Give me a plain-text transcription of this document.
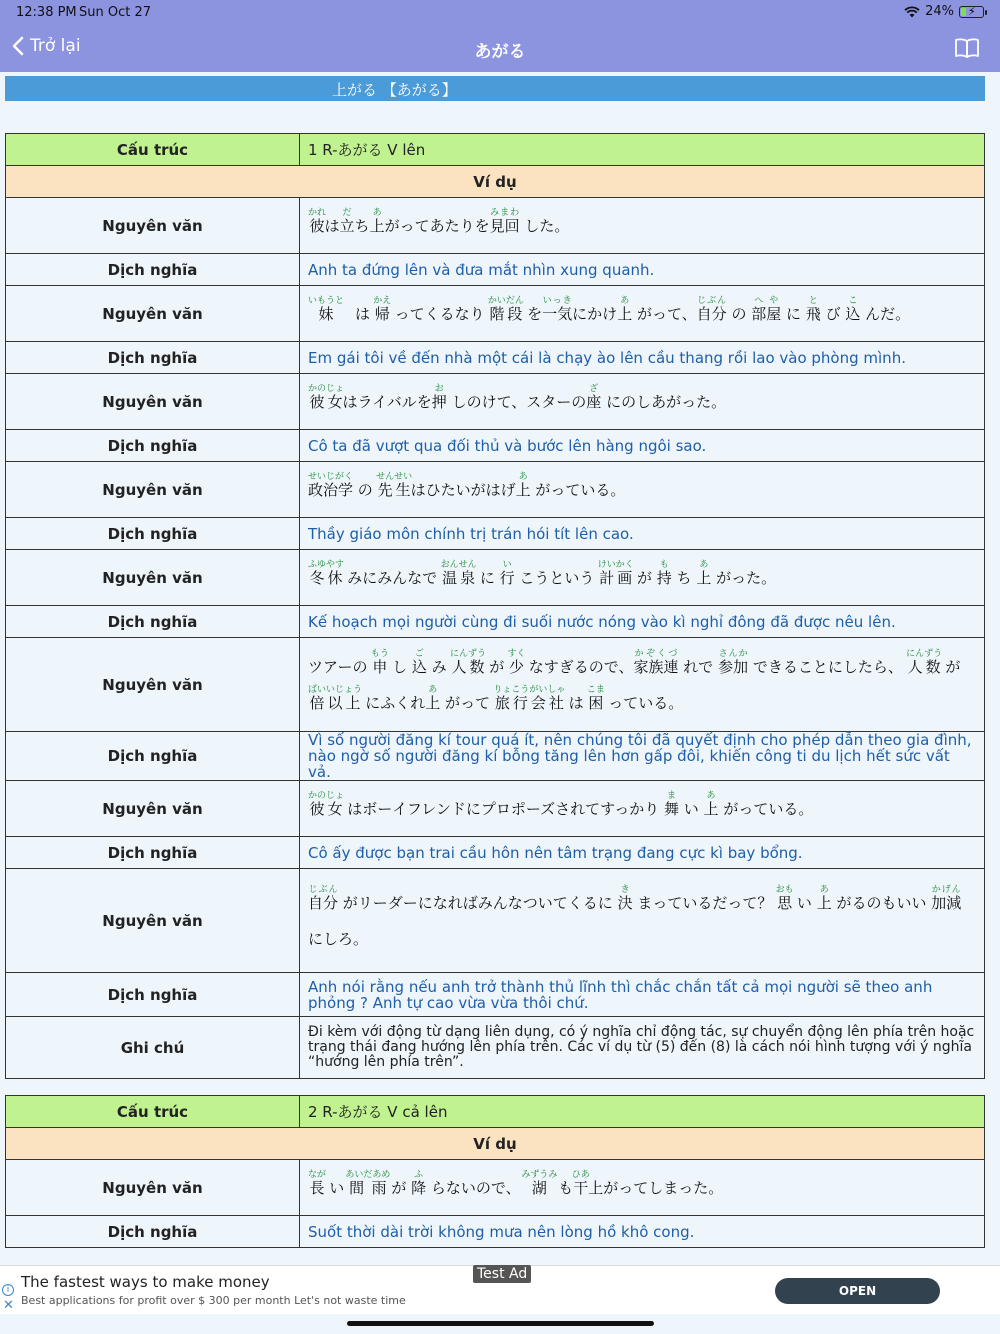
12:38 PM Sun Oct 27	24% ⚡
Trở lại	あがる
上がる 【あがる】
Cấu trúc	1 R-あがる V lên
Ví dụ	
Nguyên văn	彼かれは立だち上あがってあたりを見回みまわ した。
Dịch nghĩa	Anh ta đứng lên và đưa mắt nhìn xung quanh.
Nguyên văn	妹いもうと　は 帰かえ ってくるなり 階段かいだん を一気いっきにかけ上あ がって、自分じぶん の 部屋へや に 飛と び 込こ んだ。
Dịch nghĩa	Em gái tôi về đến nhà một cái là chạy ào lên cầu thang rồi lao vào phòng mình.
Nguyên văn	彼女かのじょはライバルを押お しのけて、スターの座ざ にのしあがった。
Dịch nghĩa	Cô ta đã vượt qua đối thủ và bước lên hàng ngôi sao.
Nguyên văn	政治学せいじがく の 先生せんせいはひたいがはげ上あ がっている。
Dịch nghĩa	Thầy giáo môn chính trị trán hói tít lên cao.
Nguyên văn	冬休ふゆやす みにみんなで 温泉おんせん に 行い こうという 計画けいかく が 持も ち 上あ がった。
Dịch nghĩa	Kế hoạch mọi người cùng đi suối nước nóng vào kì nghỉ đông đã được nêu lên.
Nguyên văn	ツアーの 申もう し 込ご み 人数にんずう が 少すく なすぎるので、家族連かぞくづ れで 参加さんか できることにしたら、 人数にんずう が 倍以上ばいいじょう にふくれ上あ がって 旅行会社りょこうがいしゃ は 困こま っている。
Dịch nghĩa	Vì số người đăng kí tour quá ít, nên chúng tôi đã quyết định cho phép dẫn theo gia đình, nào ngờ số người đăng kí bỗng tăng lên hơn gấp đôi, khiến công ti du lịch hết sức vất vả.
Nguyên văn	彼女かのじょ はボーイフレンドにプロポーズされてすっかり 舞ま い 上あ がっている。
Dịch nghĩa	Cô ấy được bạn trai cầu hôn nên tâm trạng đang cực kì bay bổng.
Nguyên văn	自分じぶん がリーダーになればみんなついてくるに 決き まっているだって？ 思おも い 上あ がるのもいい 加減かげん にしろ。
Dịch nghĩa	Anh nói rằng nếu anh trở thành thủ lĩnh thì chắc chắn tất cả mọi người sẽ theo anh phỏng ? Anh tự cao vừa vừa thôi chứ.
Ghi chú	Đi kèm với động từ dạng liên dụng, có ý nghĩa chỉ động tác, sự chuyển động lên phía trên hoặc trạng thái đang hướng lên phía trên. Các ví dụ từ (5) đến (8) là cách nói hình tượng với ý nghĩa “hướng lên phía trên”.
Cấu trúc	2 R-あがる V cả lên
Ví dụ	
Nguyên văn	長なが い 間雨あいだあめ が 降ふ らないので、 湖みずうみ も干ひあ上がってしまった。
Dịch nghĩa	Suốt thời dài trời không mưa nên lòng hồ khô cong.
Test Ad
i
✕
The fastest ways to make money
Best applications for profit over $ 300 per month Let's not waste time
OPEN
